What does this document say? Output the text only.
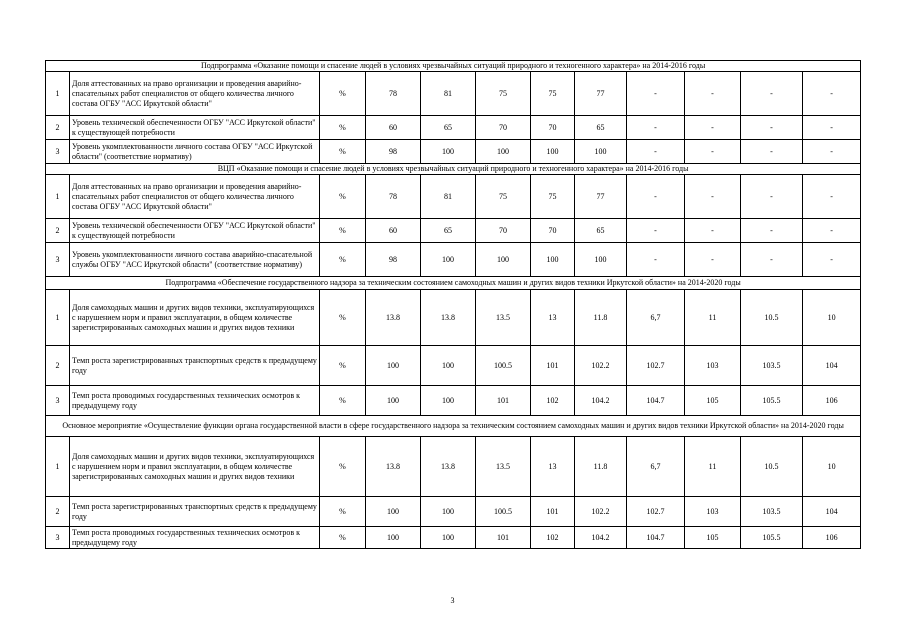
Подпрограмма «Оказание помощи и спасение людей в условиях чрезвычайных ситуаций природного и техногенного характера» на 2014-2016 годы											
1	Доля аттестованных на право организации и проведения аварийно-спасательных работ специалистов от общего количества личного состава ОГБУ "АСС Иркутской области"	%	78	81	75	75	77	-	-	-	-
2	Уровень технической обеспеченности ОГБУ "АСС Иркутской области" к существующей потребности	%	60	65	70	70	65	-	-	-	-
3	Уровень укомплектованности личного состава ОГБУ "АСС Иркутской области" (соответствие нормативу)	%	98	100	100	100	100	-	-	-	-
ВЦП «Оказание помощи и спасение людей в условиях чрезвычайных ситуаций природного и техногенного характера» на 2014-2016 годы											
1	Доля аттестованных на право организации и проведения аварийно-спасательных работ специалистов от общего количества личного состава ОГБУ "АСС Иркутской области"	%	78	81	75	75	77	-	-	-	-
2	Уровень технической обеспеченности ОГБУ "АСС Иркутской области" к существующей потребности	%	60	65	70	70	65	-	-	-	-
3	Уровень укомплектованности личного состава аварийно-спасательной службы ОГБУ "АСС Иркутской области" (соответствие нормативу)	%	98	100	100	100	100	-	-	-	-
Подпрограмма «Обеспечение государственного надзора за техническим состоянием самоходных машин и других видов техники Иркутской области» на 2014-2020 годы											
1	Доля самоходных машин и других видов техники, эксплуатирующихся с нарушением норм и правил эксплуатации, в общем количестве зарегистрированных самоходных машин и других видов техники	%	13.8	13.8	13.5	13	11.8	6,7	11	10.5	10
2	Темп роста зарегистрированных транспортных средств к предыдущему году	%	100	100	100.5	101	102.2	102.7	103	103.5	104
3	Темп роста проводимых государственных технических осмотров к предыдущему году	%	100	100	101	102	104.2	104.7	105	105.5	106
Основное мероприятие «Осуществление функции органа государственной власти в сфере государственного надзора за техническим состоянием самоходных машин и других видов техники Иркутской области» на 2014-2020 годы											
1	Доля самоходных машин и других видов техники, эксплуатирующихся с нарушением норм и правил эксплуатации, в общем количестве зарегистрированных самоходных машин и других видов техники	%	13.8	13.8	13.5	13	11.8	6,7	11	10.5	10
2	Темп роста зарегистрированных транспортных средств к предыдущему году	%	100	100	100.5	101	102.2	102.7	103	103.5	104
3	Темп роста проводимых государственных технических осмотров к предыдущему году	%	100	100	101	102	104.2	104.7	105	105.5	106
3
